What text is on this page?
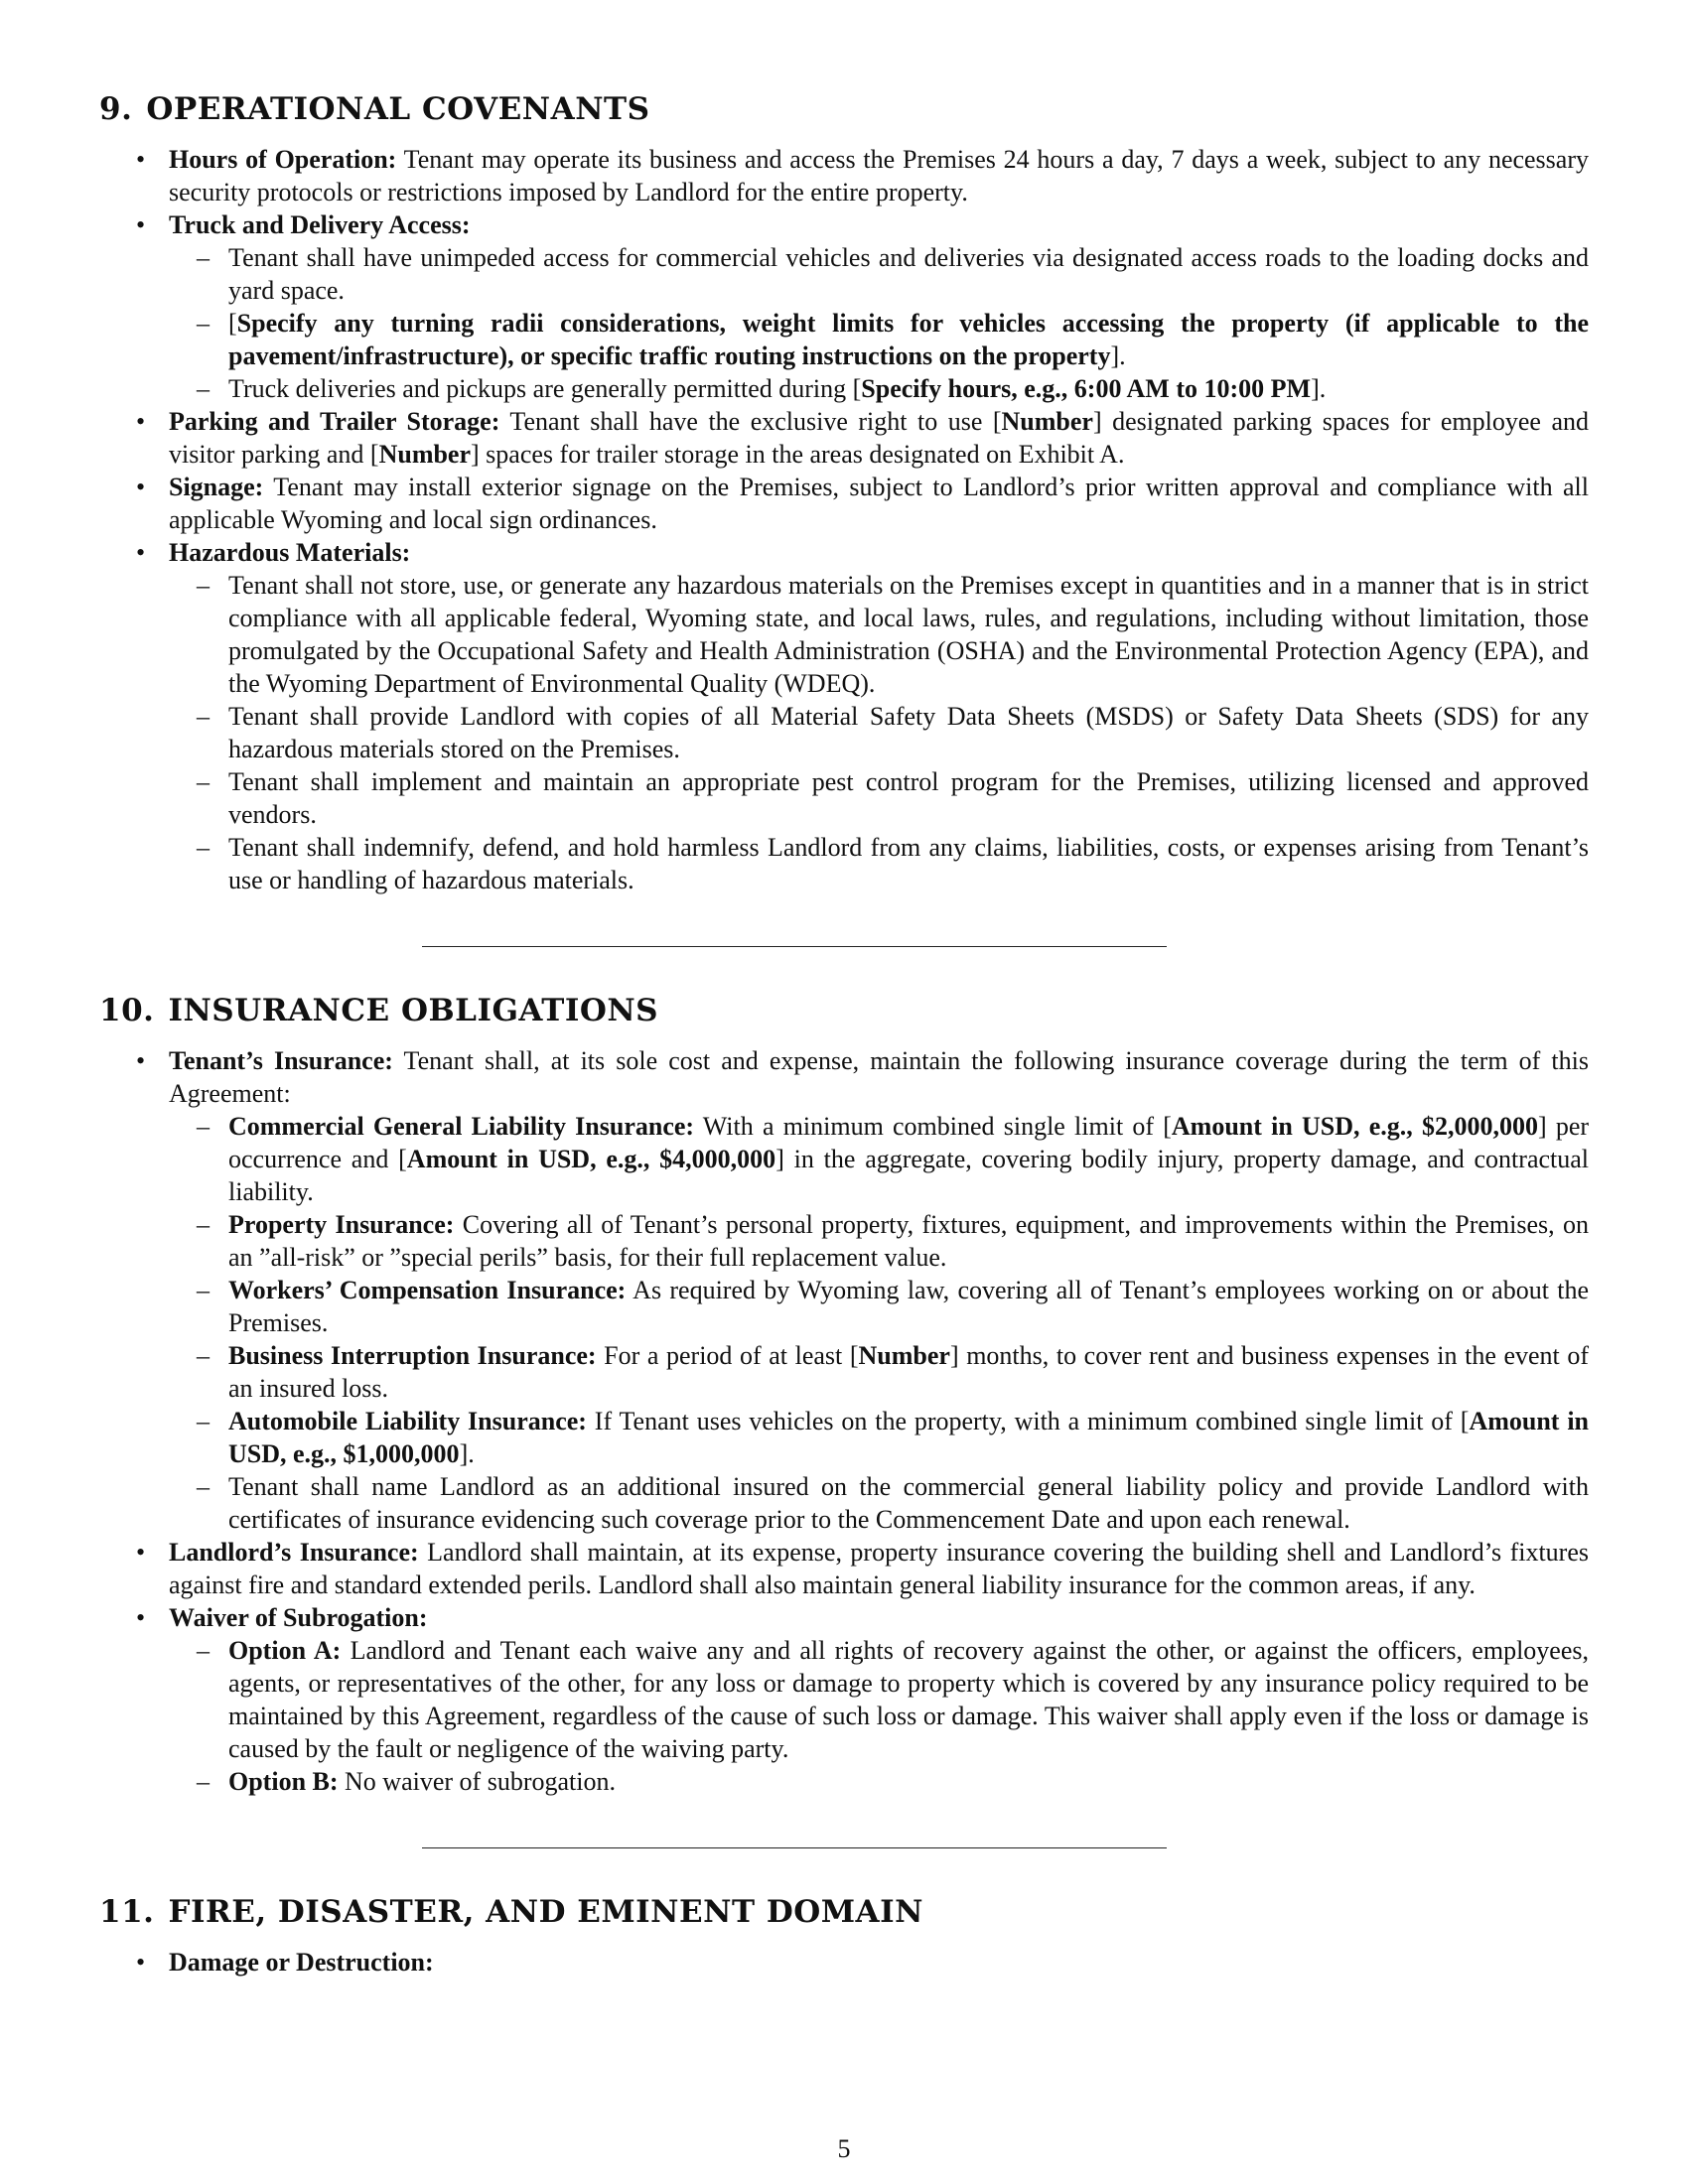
9. OPERATIONAL COVENANTS
• Hours of Operation: Tenant may operate its business and access the Premises 24 hours a day, 7 days a week, subject to any necessary security protocols or restrictions imposed by Landlord for the entire property.
• Truck and Delivery Access:
– Tenant shall have unimpeded access for commercial vehicles and deliveries via designated access roads to the loading docks and yard space.
– [Specify any turning radii considerations, weight limits for vehicles accessing the property (if applicable to the pavement/infrastructure), or specific traffic routing instructions on the property].
– Truck deliveries and pickups are generally permitted during [Specify hours, e.g., 6:00 AM to 10:00 PM].
• Parking and Trailer Storage: Tenant shall have the exclusive right to use [Number] designated parking spaces for employee and visitor parking and [Number] spaces for trailer storage in the areas designated on Exhibit A.
• Signage: Tenant may install exterior signage on the Premises, subject to Landlord’s prior written approval and compliance with all applicable Wyoming and local sign ordinances.
• Hazardous Materials:
– Tenant shall not store, use, or generate any hazardous materials on the Premises except in quantities and in a manner that is in strict compliance with all applicable federal, Wyoming state, and local laws, rules, and regulations, including without limitation, those promulgated by the Occupational Safety and Health Administration (OSHA) and the Environmental Protection Agency (EPA), and the Wyoming Department of Environmental Quality (WDEQ).
– Tenant shall provide Landlord with copies of all Material Safety Data Sheets (MSDS) or Safety Data Sheets (SDS) for any hazardous materials stored on the Premises.
– Tenant shall implement and maintain an appropriate pest control program for the Premises, utilizing licensed and approved vendors.
– Tenant shall indemnify, defend, and hold harmless Landlord from any claims, liabilities, costs, or expenses arising from Tenant’s use or handling of hazardous materials.
10. INSURANCE OBLIGATIONS
• Tenant’s Insurance: Tenant shall, at its sole cost and expense, maintain the following insurance coverage during the term of this Agreement:
– Commercial General Liability Insurance: With a minimum combined single limit of [Amount in USD, e.g., $2,000,000] per occurrence and [Amount in USD, e.g., $4,000,000] in the aggregate, covering bodily injury, property damage, and contractual liability.
– Property Insurance: Covering all of Tenant’s personal property, fixtures, equipment, and improvements within the Premises, on an ”all-risk” or ”special perils” basis, for their full replacement value.
– Workers’ Compensation Insurance: As required by Wyoming law, covering all of Tenant’s employees working on or about the Premises.
– Business Interruption Insurance: For a period of at least [Number] months, to cover rent and business expenses in the event of an insured loss.
– Automobile Liability Insurance: If Tenant uses vehicles on the property, with a minimum combined single limit of [Amount in USD, e.g., $1,000,000].
– Tenant shall name Landlord as an additional insured on the commercial general liability policy and provide Landlord with certificates of insurance evidencing such coverage prior to the Commencement Date and upon each renewal.
• Landlord’s Insurance: Landlord shall maintain, at its expense, property insurance covering the building shell and Landlord’s fixtures against fire and standard extended perils. Landlord shall also maintain general liability insurance for the common areas, if any.
• Waiver of Subrogation:
– Option A: Landlord and Tenant each waive any and all rights of recovery against the other, or against the officers, employees, agents, or representatives of the other, for any loss or damage to property which is covered by any insurance policy required to be maintained by this Agreement, regardless of the cause of such loss or damage. This waiver shall apply even if the loss or damage is caused by the fault or negligence of the waiving party.
– Option B: No waiver of subrogation.
11. FIRE, DISASTER, AND EMINENT DOMAIN
• Damage or Destruction:
5
